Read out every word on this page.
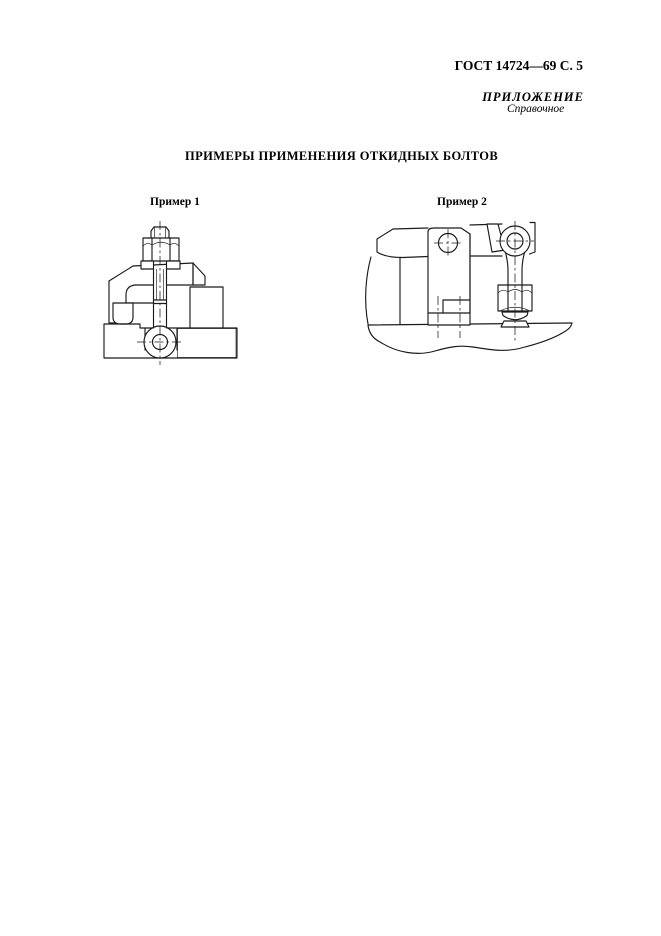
ГОСТ 14724—69 С. 5
ПРИЛОЖЕНИЕ
Справочное
ПРИМЕРЫ ПРИМЕНЕНИЯ ОТКИДНЫХ БОЛТОВ
Пример 1	Пример 2
